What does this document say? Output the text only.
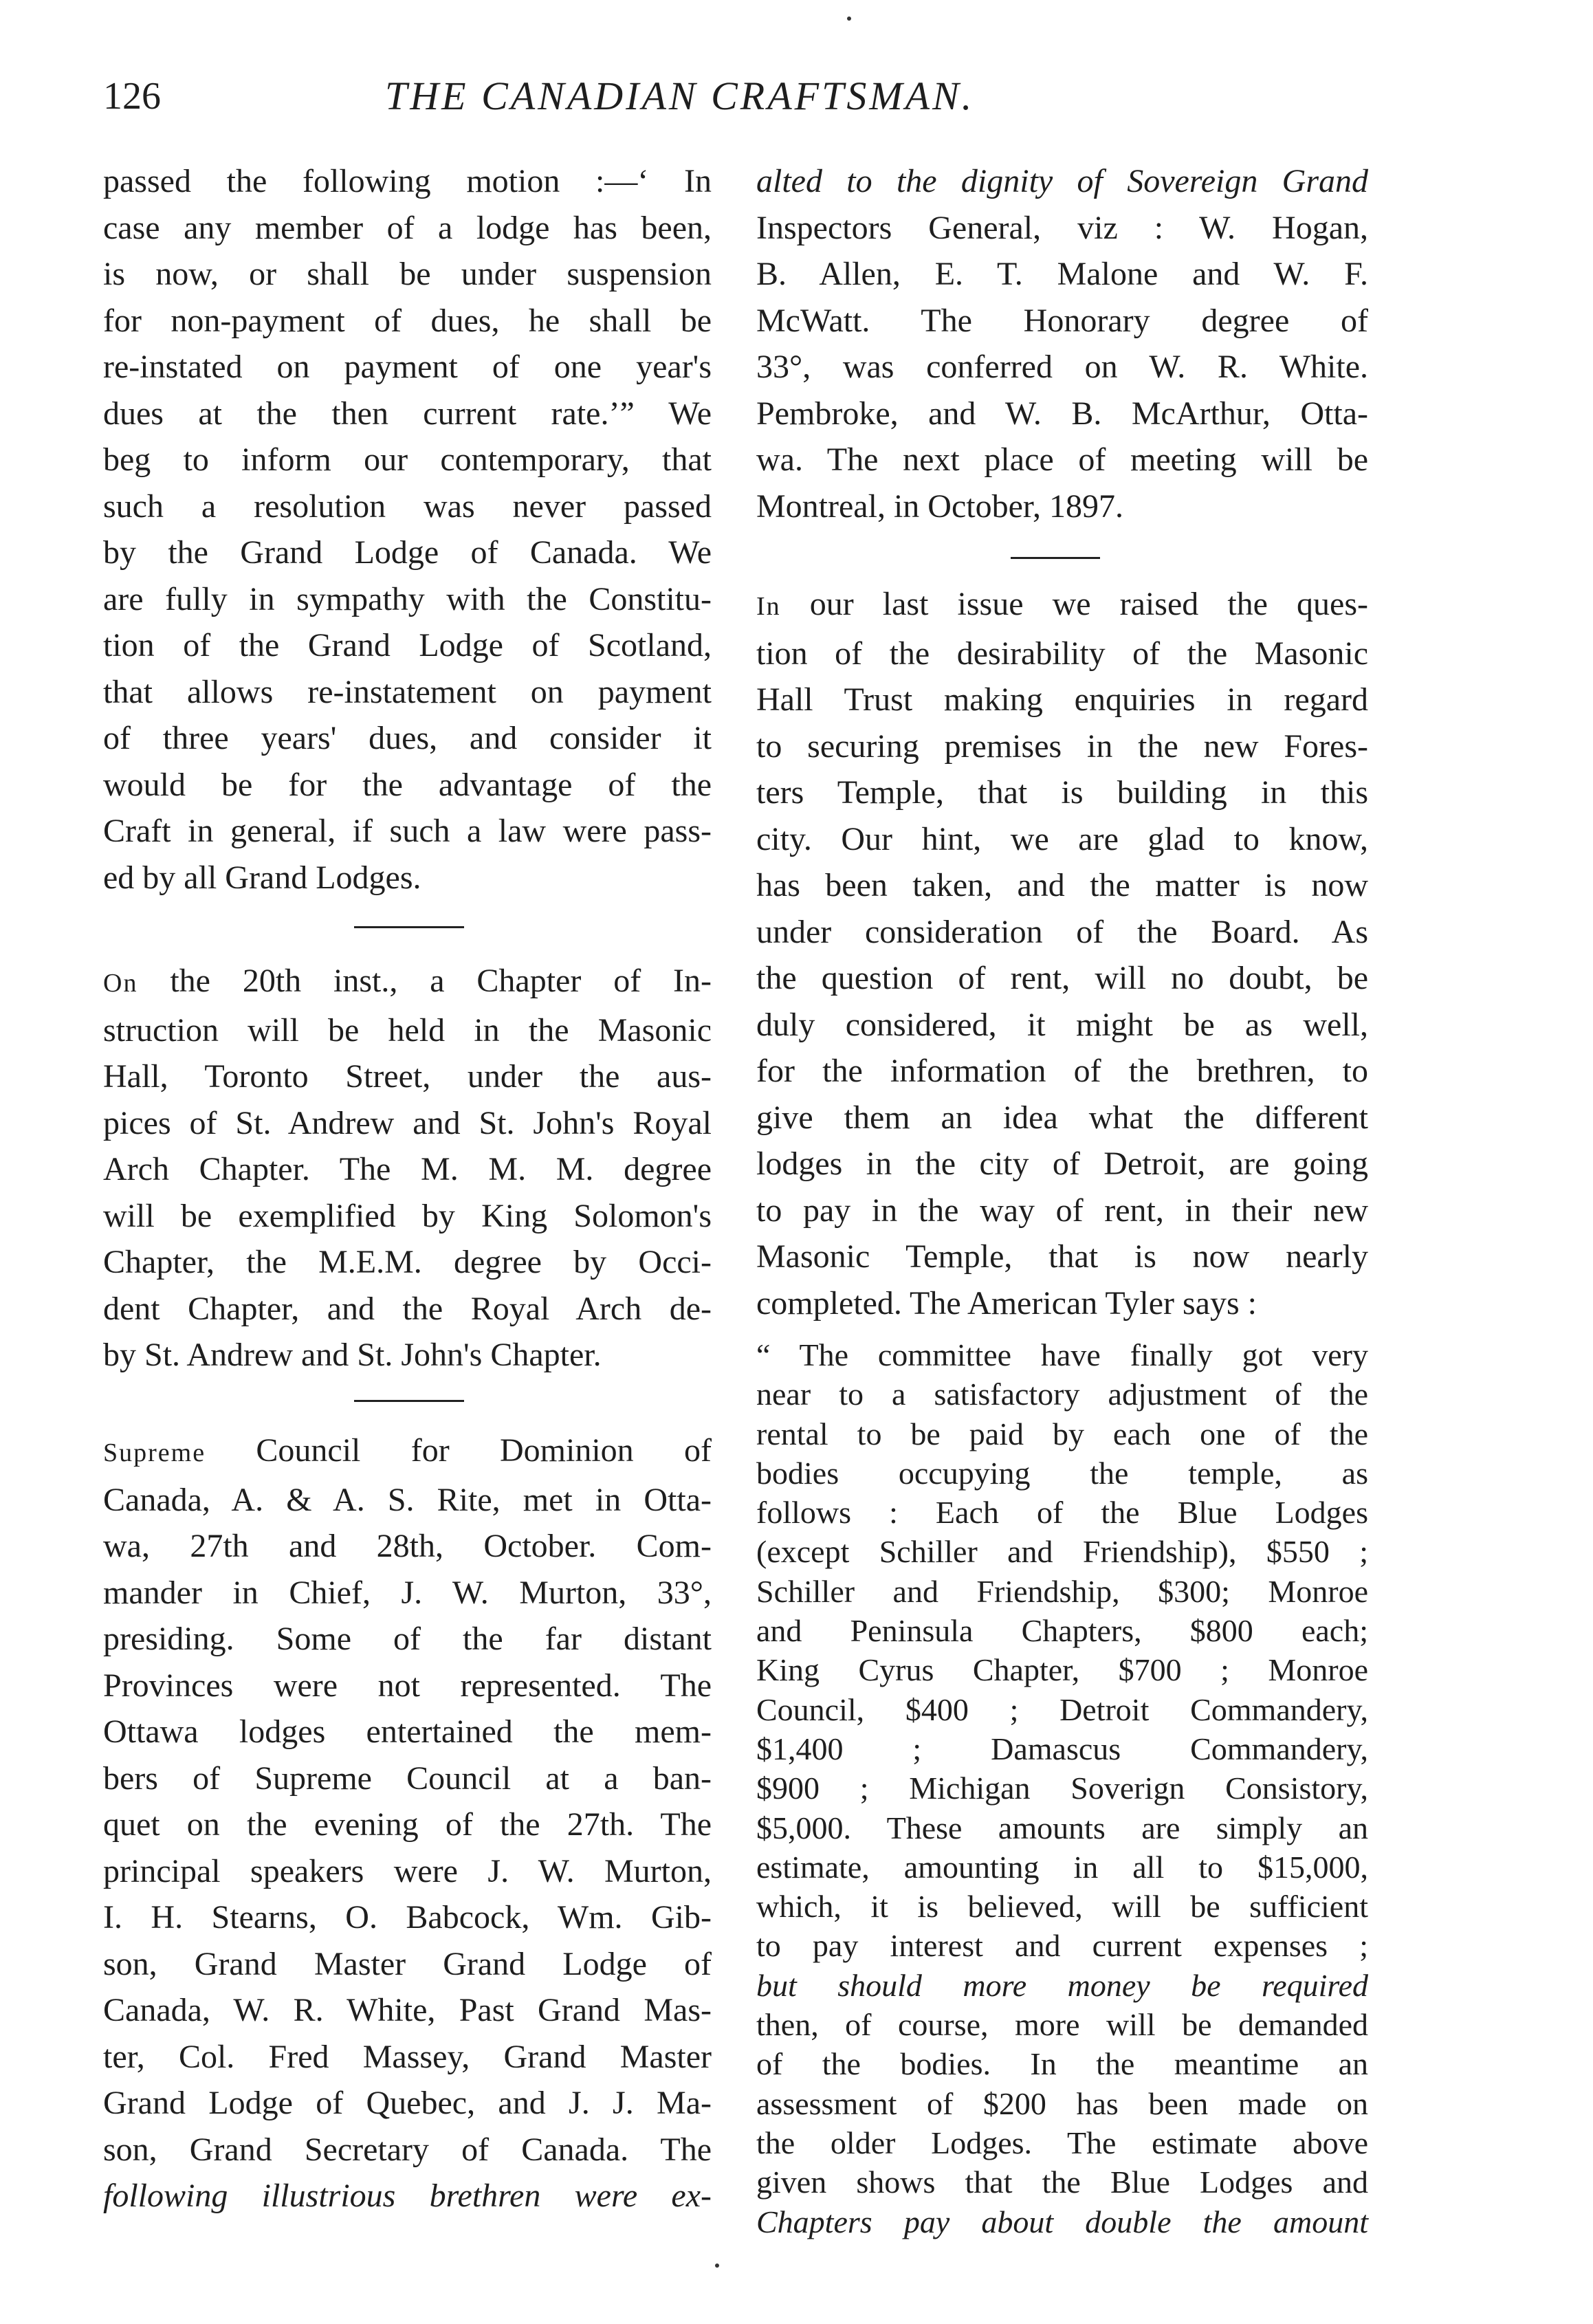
126	THE CANADIAN CRAFTSMAN.

passed the following motion :—‘ In

case any member of a lodge has been,

is now, or shall be under suspension

for non-payment of dues, he shall be

re-instated on payment of one year's

dues at the then current rate.’” We

beg to inform our contemporary, that

such a resolution was never passed

by the Grand Lodge of Canada. We

are fully in sympathy with the Constitu-

tion of the Grand Lodge of Scotland,

that allows re-instatement on payment

of three years' dues, and consider it

would be for the advantage of the

Craft in general, if such a law were pass-

ed by all Grand Lodges.

On the 20th inst., a Chapter of In-

struction will be held in the Masonic

Hall, Toronto Street, under the aus-

pices of St. Andrew and St. John's Royal

Arch Chapter. The M. M. M. degree

will be exemplified by King Solomon's

Chapter, the M.E.M. degree by Occi-

dent Chapter, and the Royal Arch de-

by St. Andrew and St. John's Chapter.

Supreme Council for Dominion of

Canada, A. & A. S. Rite, met in Otta-

wa, 27th and 28th, October. Com-

mander in Chief, J. W. Murton, 33°,

presiding. Some of the far distant

Provinces were not represented. The

Ottawa lodges entertained the mem-

bers of Supreme Council at a ban-

quet on the evening of the 27th. The

principal speakers were J. W. Murton,

I. H. Stearns, O. Babcock, Wm. Gib-

son, Grand Master Grand Lodge of

Canada, W. R. White, Past Grand Mas-

ter, Col. Fred Massey, Grand Master

Grand Lodge of Quebec, and J. J. Ma-

son, Grand Secretary of Canada. The

following illustrious brethren were ex-

alted to the dignity of Sovereign Grand

Inspectors General, viz : W. Hogan,

B. Allen, E. T. Malone and W. F.

McWatt. The Honorary degree of

33°, was conferred on W. R. White.

Pembroke, and W. B. McArthur, Otta-

wa. The next place of meeting will be

Montreal, in October, 1897.

In our last issue we raised the ques-

tion of the desirability of the Masonic

Hall Trust making enquiries in regard

to securing premises in the new Fores-

ters Temple, that is building in this

city. Our hint, we are glad to know,

has been taken, and the matter is now

under consideration of the Board. As

the question of rent, will no doubt, be

duly considered, it might be as well,

for the information of the brethren, to

give them an idea what the different

lodges in the city of Detroit, are going

to pay in the way of rent, in their new

Masonic Temple, that is now nearly

completed. The American Tyler says :

“ The committee have finally got very

near to a satisfactory adjustment of the

rental to be paid by each one of the

bodies occupying the temple, as

follows : Each of the Blue Lodges

(except Schiller and Friendship), $550 ;

Schiller and Friendship, $300; Monroe

and Peninsula Chapters, $800 each;

King Cyrus Chapter, $700 ; Monroe

Council, $400 ; Detroit Commandery,

$1,400 ; Damascus Commandery,

$900 ; Michigan Soverign Consistory,

$5,000. These amounts are simply an

estimate, amounting in all to $15,000,

which, it is believed, will be sufficient

to pay interest and current expenses ;

but should more money be required

then, of course, more will be demanded

of the bodies. In the meantime an

assessment of $200 has been made on

the older Lodges. The estimate above

given shows that the Blue Lodges and

Chapters pay about double the amount
